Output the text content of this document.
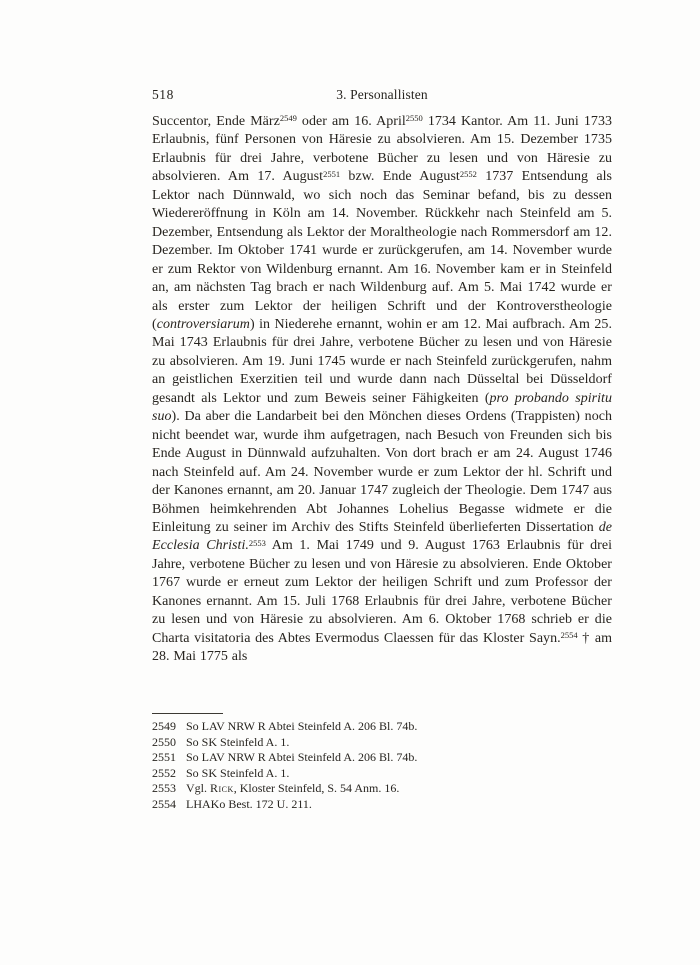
518	3. Personallisten
Succentor, Ende März$^{2549}$ oder am 16. April$^{2550}$ 1734 Kantor. Am 11. Juni 1733 Erlaubnis, fünf Personen von Häresie zu absolvieren. Am 15. Dezember 1735 Erlaubnis für drei Jahre, verbotene Bücher zu lesen und von Häresie zu absolvieren. Am 17. August$^{2551}$ bzw. Ende August$^{2552}$ 1737 Entsendung als Lektor nach Dünnwald, wo sich noch das Seminar befand, bis zu dessen Wiedereröffnung in Köln am 14. November. Rückkehr nach Steinfeld am 5. Dezember, Entsendung als Lektor der Moraltheologie nach Rommersdorf am 12. Dezember. Im Oktober 1741 wurde er zurückgerufen, am 14. November wurde er zum Rektor von Wildenburg ernannt. Am 16. November kam er in Steinfeld an, am nächsten Tag brach er nach Wildenburg auf. Am 5. Mai 1742 wurde er als erster zum Lektor der heiligen Schrift und der Kontroverstheologie (controversiarum) in Niederehe ernannt, wohin er am 12. Mai aufbrach. Am 25. Mai 1743 Erlaubnis für drei Jahre, verbotene Bücher zu lesen und von Häresie zu absolvieren. Am 19. Juni 1745 wurde er nach Steinfeld zurückgerufen, nahm an geistlichen Exerzitien teil und wurde dann nach Düsseltal bei Düsseldorf gesandt als Lektor und zum Beweis seiner Fähigkeiten (pro probando spiritu suo). Da aber die Landarbeit bei den Mönchen dieses Ordens (Trappisten) noch nicht beendet war, wurde ihm aufgetragen, nach Besuch von Freunden sich bis Ende August in Dünnwald aufzuhalten. Von dort brach er am 24. August 1746 nach Steinfeld auf. Am 24. November wurde er zum Lektor der hl. Schrift und der Kanones ernannt, am 20. Januar 1747 zugleich der Theologie. Dem 1747 aus Böhmen heimkehrenden Abt Johannes Lohelius Begasse widmete er die Einleitung zu seiner im Archiv des Stifts Steinfeld überlieferten Dissertation de Ecclesia Christi.$^{2553}$ Am 1. Mai 1749 und 9. August 1763 Erlaubnis für drei Jahre, verbotene Bücher zu lesen und von Häresie zu absolvieren. Ende Oktober 1767 wurde er erneut zum Lektor der heiligen Schrift und zum Professor der Kanones ernannt. Am 15. Juli 1768 Erlaubnis für drei Jahre, verbotene Bücher zu lesen und von Häresie zu absolvieren. Am 6. Oktober 1768 schrieb er die Charta visitatoria des Abtes Evermodus Claessen für das Kloster Sayn.$^{2554}$ † am 28. Mai 1775 als
2549 So LAV NRW R Abtei Steinfeld A. 206 Bl. 74b.
2550 So SK Steinfeld A. 1.
2551 So LAV NRW R Abtei Steinfeld A. 206 Bl. 74b.
2552 So SK Steinfeld A. 1.
2553 Vgl. Rick, Kloster Steinfeld, S. 54 Anm. 16.
2554 LHAKo Best. 172 U. 211.
